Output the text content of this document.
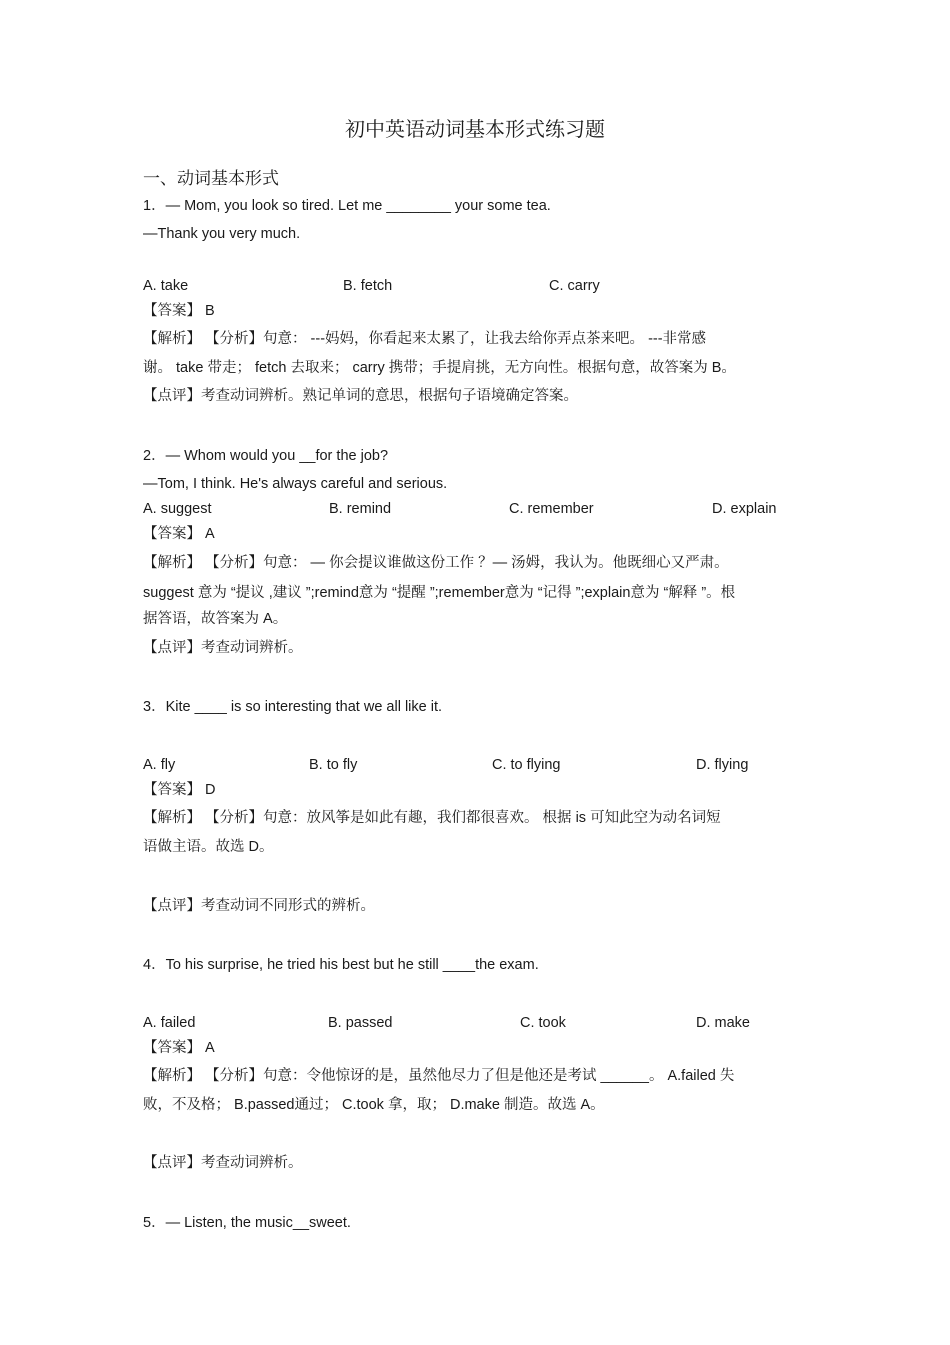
初中英语动词基本形式练习题
一、动词基本形式
1．— Mom, you look so tired. Let me ________ your some tea.
—Thank you very much.
A. take	B. fetch	C. carry
【答案】 B
【解析】 【分析】句意： ---妈妈，你看起来太累了，让我去给你弄点茶来吧。 ---非常感
谢。 take 带走； fetch 去取来； carry 携带；手提肩挑，无方向性。根据句意，故答案为 B。
【点评】考查动词辨析。熟记单词的意思，根据句子语境确定答案。
2．— Whom would you __for the job?
—Tom, I think. He's always careful and serious.
A. suggest	B. remind	C. remember	D. explain
【答案】 A
【解析】 【分析】句意： — 你会提议谁做这份工作 ？— 汤姆，我认为。他既细心又严肃。
suggest 意为 “提议 ,建议 ”;remind意为 “提醒 ”;remember意为 “记得 ”;explain意为 “解释 ”。根
据答语，故答案为 A。
【点评】考查动词辨析。
3．Kite ____ is so interesting that we all like it.
A. fly	B. to fly	C. to flying	D. flying
【答案】 D
【解析】 【分析】句意：放风筝是如此有趣，我们都很喜欢。 根据 is 可知此空为动名词短
语做主语。故选 D。
【点评】考查动词不同形式的辨析。
4．To his surprise, he tried his best but he still ____the exam.
A. failed	B. passed	C. took	D. make
【答案】 A
【解析】 【分析】句意：令他惊讶的是，虽然他尽力了但是他还是考试 ______。 A.failed 失
败，不及格； B.passed通过； C.took 拿，取； D.make 制造。故选 A。
【点评】考查动词辨析。
5．— Listen, the music__sweet.
